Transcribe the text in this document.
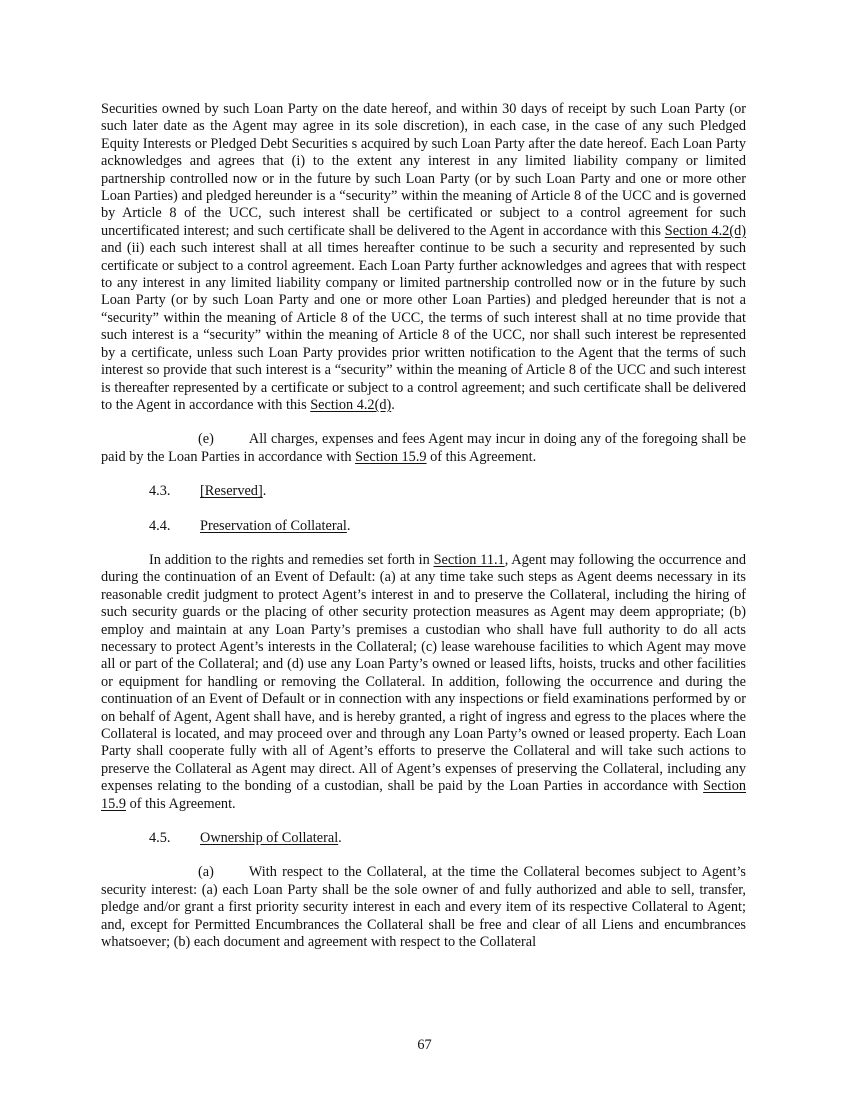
Securities owned by such Loan Party on the date hereof, and within 30 days of receipt by such Loan Party (or such later date as the Agent may agree in its sole discretion), in each case, in the case of any such Pledged Equity Interests or Pledged Debt Securities s acquired by such Loan Party after the date hereof. Each Loan Party acknowledges and agrees that (i) to the extent any interest in any limited liability company or limited partnership controlled now or in the future by such Loan Party (or by such Loan Party and one or more other Loan Parties) and pledged hereunder is a “security” within the meaning of Article 8 of the UCC and is governed by Article 8 of the UCC, such interest shall be certificated or subject to a control agreement for such uncertificated interest; and such certificate shall be delivered to the Agent in accordance with this Section 4.2(d) and (ii) each such interest shall at all times hereafter continue to be such a security and represented by such certificate or subject to a control agreement. Each Loan Party further acknowledges and agrees that with respect to any interest in any limited liability company or limited partnership controlled now or in the future by such Loan Party (or by such Loan Party and one or more other Loan Parties) and pledged hereunder that is not a “security” within the meaning of Article 8 of the UCC, the terms of such interest shall at no time provide that such interest is a “security” within the meaning of Article 8 of the UCC, nor shall such interest be represented by a certificate, unless such Loan Party provides prior written notification to the Agent that the terms of such interest so provide that such interest is a “security” within the meaning of Article 8 of the UCC and such interest is thereafter represented by a certificate or subject to a control agreement; and such certificate shall be delivered to the Agent in accordance with this Section 4.2(d).

(e) All charges, expenses and fees Agent may incur in doing any of the foregoing shall be paid by the Loan Parties in accordance with Section 15.9 of this Agreement.

4.3. [Reserved].

4.4. Preservation of Collateral.

In addition to the rights and remedies set forth in Section 11.1, Agent may following the occurrence and during the continuation of an Event of Default: (a) at any time take such steps as Agent deems necessary in its reasonable credit judgment to protect Agent’s interest in and to preserve the Collateral, including the hiring of such security guards or the placing of other security protection measures as Agent may deem appropriate; (b) employ and maintain at any Loan Party’s premises a custodian who shall have full authority to do all acts necessary to protect Agent’s interests in the Collateral; (c) lease warehouse facilities to which Agent may move all or part of the Collateral; and (d) use any Loan Party’s owned or leased lifts, hoists, trucks and other facilities or equipment for handling or removing the Collateral. In addition, following the occurrence and during the continuation of an Event of Default or in connection with any inspections or field examinations performed by or on behalf of Agent, Agent shall have, and is hereby granted, a right of ingress and egress to the places where the Collateral is located, and may proceed over and through any Loan Party’s owned or leased property. Each Loan Party shall cooperate fully with all of Agent’s efforts to preserve the Collateral and will take such actions to preserve the Collateral as Agent may direct. All of Agent’s expenses of preserving the Collateral, including any expenses relating to the bonding of a custodian, shall be paid by the Loan Parties in accordance with Section 15.9 of this Agreement.

4.5. Ownership of Collateral.

(a) With respect to the Collateral, at the time the Collateral becomes subject to Agent’s security interest: (a) each Loan Party shall be the sole owner of and fully authorized and able to sell, transfer, pledge and/or grant a first priority security interest in each and every item of its respective Collateral to Agent; and, except for Permitted Encumbrances the Collateral shall be free and clear of all Liens and encumbrances whatsoever; (b) each document and agreement with respect to the Collateral

67
